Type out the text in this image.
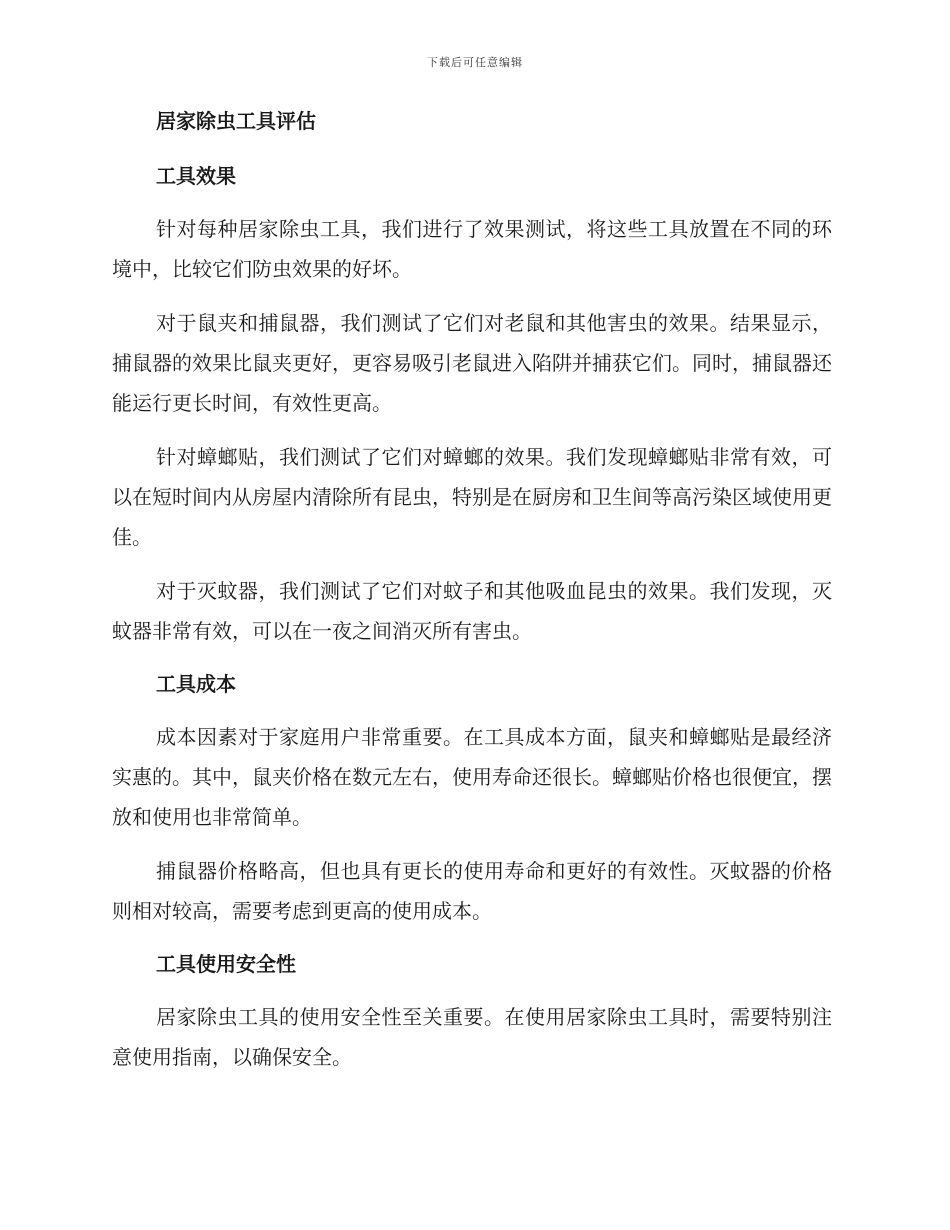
下载后可任意编辑
居家除虫工具评估
工具效果

针对每种居家除虫工具，我们进行了效果测试，将这些工具放置在不同的环境中，比较它们防虫效果的好坏。

对于鼠夹和捕鼠器，我们测试了它们对老鼠和其他害虫的效果。结果显示，捕鼠器的效果比鼠夹更好，更容易吸引老鼠进入陷阱并捕获它们。同时，捕鼠器还能运行更长时间，有效性更高。

针对蟑螂贴，我们测试了它们对蟑螂的效果。我们发现蟑螂贴非常有效，可以在短时间内从房屋内清除所有昆虫，特别是在厨房和卫生间等高污染区域使用更佳。

对于灭蚊器，我们测试了它们对蚊子和其他吸血昆虫的效果。我们发现，灭蚊器非常有效，可以在一夜之间消灭所有害虫。

工具成本

成本因素对于家庭用户非常重要。在工具成本方面，鼠夹和蟑螂贴是最经济实惠的。其中，鼠夹价格在数元左右，使用寿命还很长。蟑螂贴价格也很便宜，摆放和使用也非常简单。

捕鼠器价格略高，但也具有更长的使用寿命和更好的有效性。灭蚊器的价格则相对较高，需要考虑到更高的使用成本。

工具使用安全性

居家除虫工具的使用安全性至关重要。在使用居家除虫工具时，需要特别注意使用指南，以确保安全。
